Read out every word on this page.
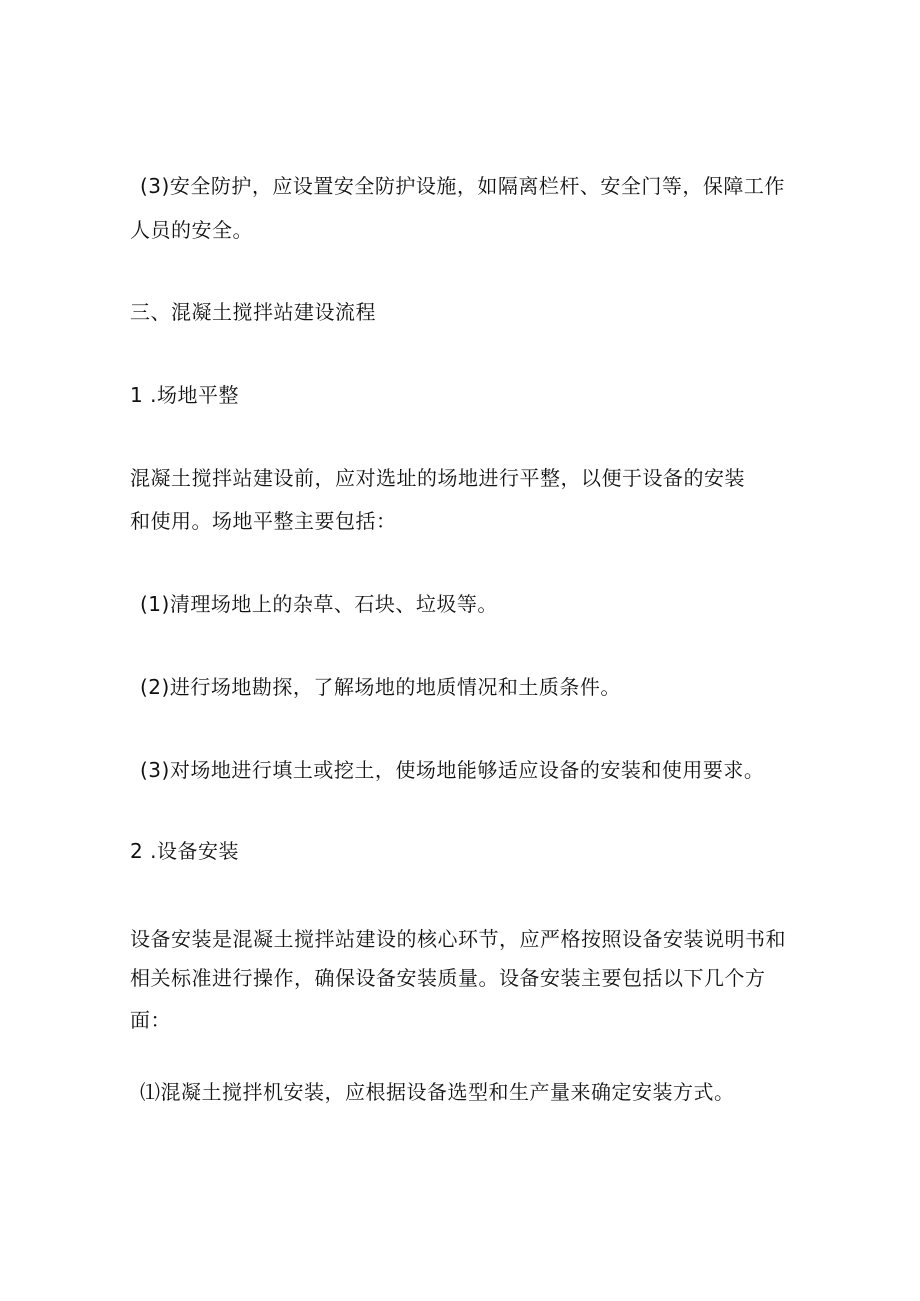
(3)安全防护，应设置安全防护设施，如隔离栏杆、安全门等，保障工作
人员的安全。
三、混凝土搅拌站建设流程
1 .场地平整
混凝土搅拌站建设前，应对选址的场地进行平整，以便于设备的安装
和使用。场地平整主要包括：
(1)清理场地上的杂草、石块、垃圾等。
(2)进行场地勘探，了解场地的地质情况和土质条件。
(3)对场地进行填土或挖土，使场地能够适应设备的安装和使用要求。
2 .设备安装
设备安装是混凝土搅拌站建设的核心环节，应严格按照设备安装说明书和
相关标准进行操作，确保设备安装质量。设备安装主要包括以下几个方
面：
⑴混凝土搅拌机安装，应根据设备选型和生产量来确定安装方式。
